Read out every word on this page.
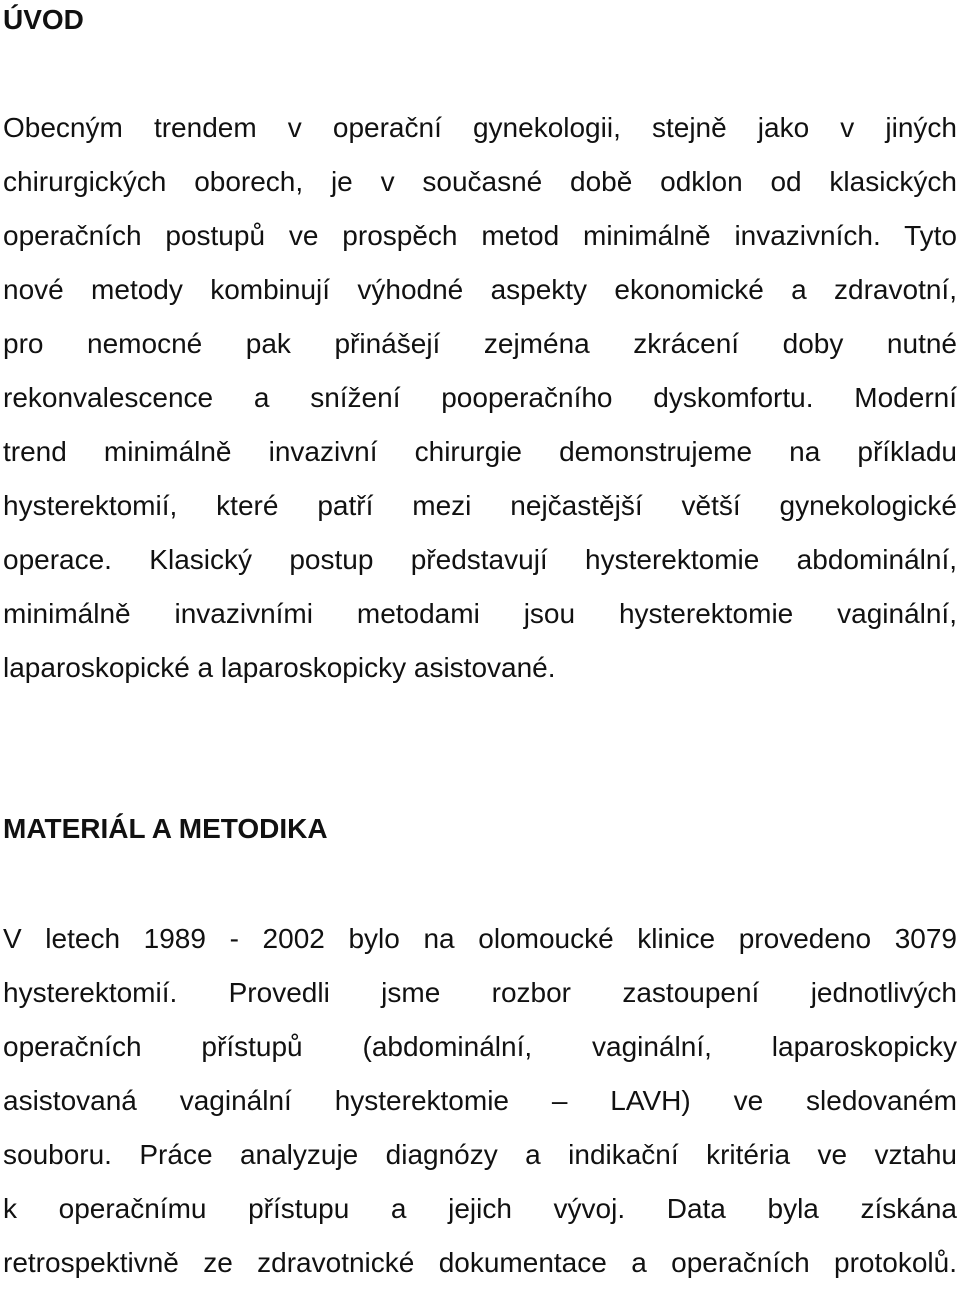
ÚVOD
Obecným trendem v operační gynekologii, stejně jako v jiných
chirurgických oborech, je v současné době odklon od klasických
operačních postupů ve prospěch metod minimálně invazivních. Tyto
nové metody kombinují výhodné aspekty ekonomické a zdravotní,
pro nemocné pak přinášejí zejména zkrácení doby nutné
rekonvalescence a snížení pooperačního dyskomfortu. Moderní
trend minimálně invazivní chirurgie demonstrujeme na příkladu
hysterektomií, které patří mezi nejčastější větší gynekologické
operace. Klasický postup představují hysterektomie abdominální,
minimálně invazivními metodami jsou hysterektomie vaginální,
laparoskopické a laparoskopicky asistované.
MATERIÁL A METODIKA
V letech 1989 - 2002 bylo na olomoucké klinice provedeno 3079
hysterektomií. Provedli jsme rozbor zastoupení jednotlivých
operačních přístupů (abdominální, vaginální, laparoskopicky
asistovaná vaginální hysterektomie – LAVH) ve sledovaném
souboru. Práce analyzuje diagnózy a indikační kritéria ve vztahu
k operačnímu přístupu a jejich vývoj. Data byla získána
retrospektivně ze zdravotnické dokumentace a operačních protokolů.
